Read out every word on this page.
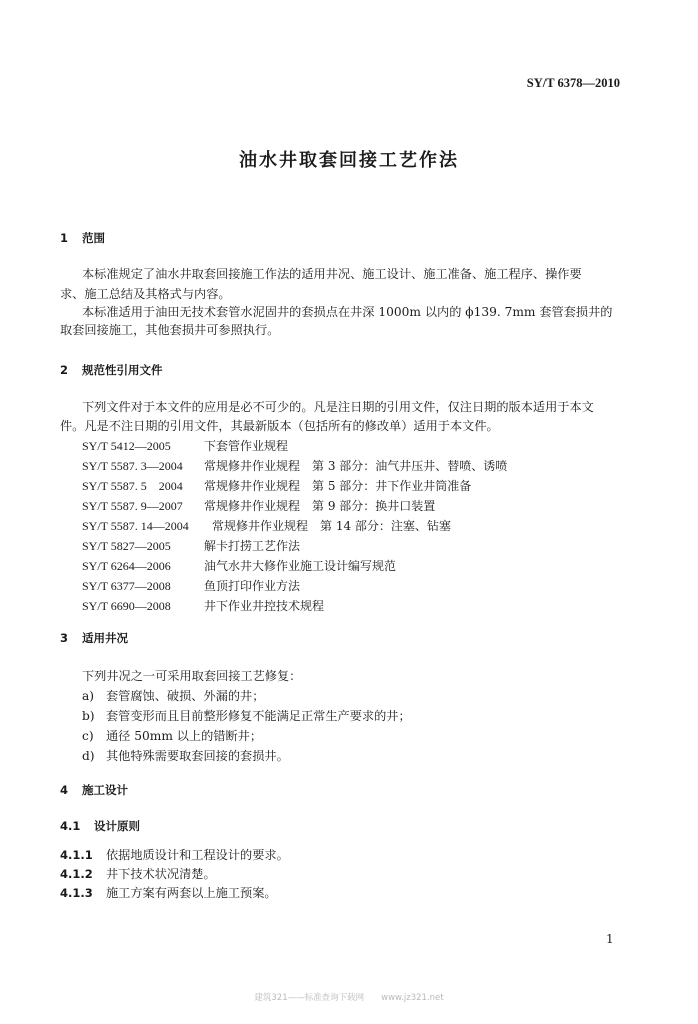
SY/T 6378—2010
油水井取套回接工艺作法
1 范围
本标准规定了油水井取套回接施工作法的适用井况、施工设计、施工准备、施工程序、操作要
求、施工总结及其格式与内容。
本标准适用于油田无技术套管水泥固井的套损点在井深 1000m 以内的 ϕ139. 7mm 套管套损井的
取套回接施工，其他套损井可参照执行。
2 规范性引用文件
下列文件对于本文件的应用是必不可少的。凡是注日期的引用文件，仅注日期的版本适用于本文
件。凡是不注日期的引用文件，其最新版本（包括所有的修改单）适用于本文件。
SY/T 5412—2005	下套管作业规程
SY/T 5587. 3—2004 常规修井作业规程　第 3 部分：油气井压井、替喷、诱喷
SY/T 5587. 5　2004 常规修井作业规程　第 5 部分：井下作业井筒准备
SY/T 5587. 9—2007 常规修井作业规程　第 9 部分：换井口装置
SY/T 5587. 14—2004 常规修井作业规程　第 14 部分：注塞、钻塞
SY/T 5827—2005	解卡打捞工艺作法
SY/T 6264—2006	油气水井大修作业施工设计编写规范
SY/T 6377—2008	鱼顶打印作业方法
SY/T 6690—2008	井下作业井控技术规程
3 适用井况
下列井况之一可采用取套回接工艺修复：
a) 套管腐蚀、破损、外漏的井；
b) 套管变形而且目前整形修复不能满足正常生产要求的井；
c) 通径 50mm 以上的错断井；
d) 其他特殊需要取套回接的套损井。
4 施工设计
4.1 设计原则
4.1.1 依据地质设计和工程设计的要求。
4.1.2 井下技术状况清楚。
4.1.3 施工方案有两套以上施工预案。
1
建筑321——标准查询下载网　　www.jz321.net
